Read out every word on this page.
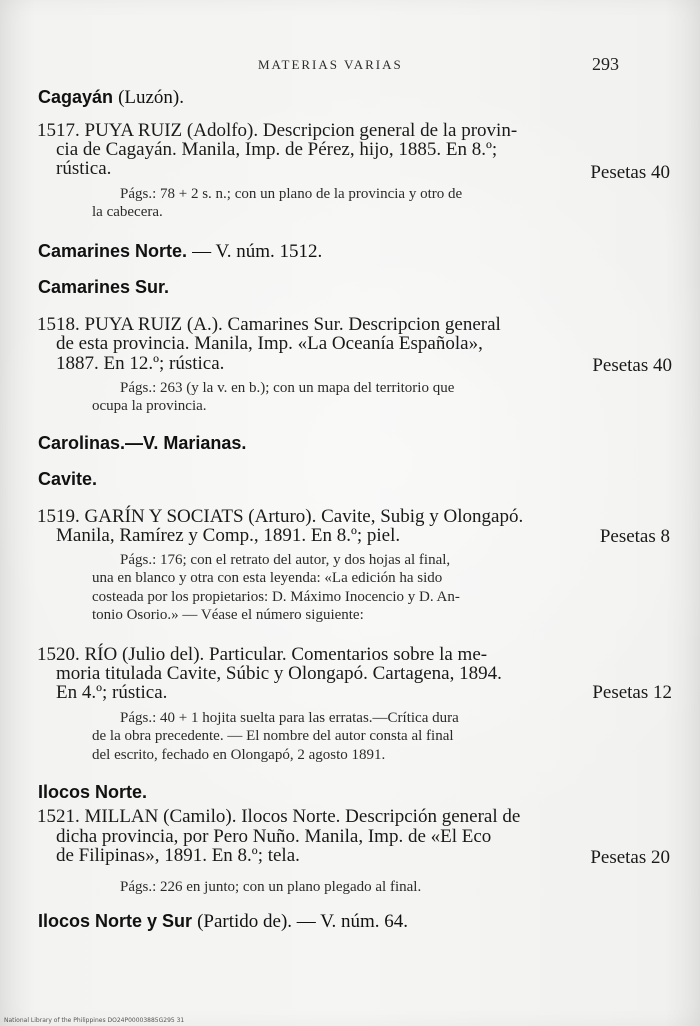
MATERIAS VARIAS	293
Cagayán (Luzón).
1517. PUYA RUIZ (Adolfo). Descripcion general de la provin-
cia de Cagayán. Manila, Imp. de Pérez, hijo, 1885. En 8.º;
rústica.	Pesetas 40
Págs.: 78 + 2 s. n.; con un plano de la provincia y otro de
la cabecera.
Camarines Norte. — V. núm. 1512.
Camarines Sur.
1518. PUYA RUIZ (A.). Camarines Sur. Descripcion general
de esta provincia. Manila, Imp. «La Oceanía Española»,
1887. En 12.º; rústica.	Pesetas 40
Págs.: 263 (y la v. en b.); con un mapa del territorio que
ocupa la provincia.
Carolinas.—V. Marianas.
Cavite.
1519. GARÍN Y SOCIATS (Arturo). Cavite, Subig y Olongapó.
Manila, Ramírez y Comp., 1891. En 8.º; piel.	Pesetas 8
Págs.: 176; con el retrato del autor, y dos hojas al final,
una en blanco y otra con esta leyenda: «La edición ha sido
costeada por los propietarios: D. Máximo Inocencio y D. An-
tonio Osorio.» — Véase el número siguiente:
1520. RÍO (Julio del). Particular. Comentarios sobre la me-
moria titulada Cavite, Súbic y Olongapó. Cartagena, 1894.
En 4.º; rústica.	Pesetas 12
Págs.: 40 + 1 hojita suelta para las erratas.—Crítica dura
de la obra precedente. — El nombre del autor consta al final
del escrito, fechado en Olongapó, 2 agosto 1891.
Ilocos Norte.
1521. MILLAN (Camilo). Ilocos Norte. Descripción general de
dicha provincia, por Pero Nuño. Manila, Imp. de «El Eco
de Filipinas», 1891. En 8.º; tela.	Pesetas 20
Págs.: 226 en junto; con un plano plegado al final.
Ilocos Norte y Sur (Partido de). — V. núm. 64.
National Library of the Philippines DO24P00003885G295 31
